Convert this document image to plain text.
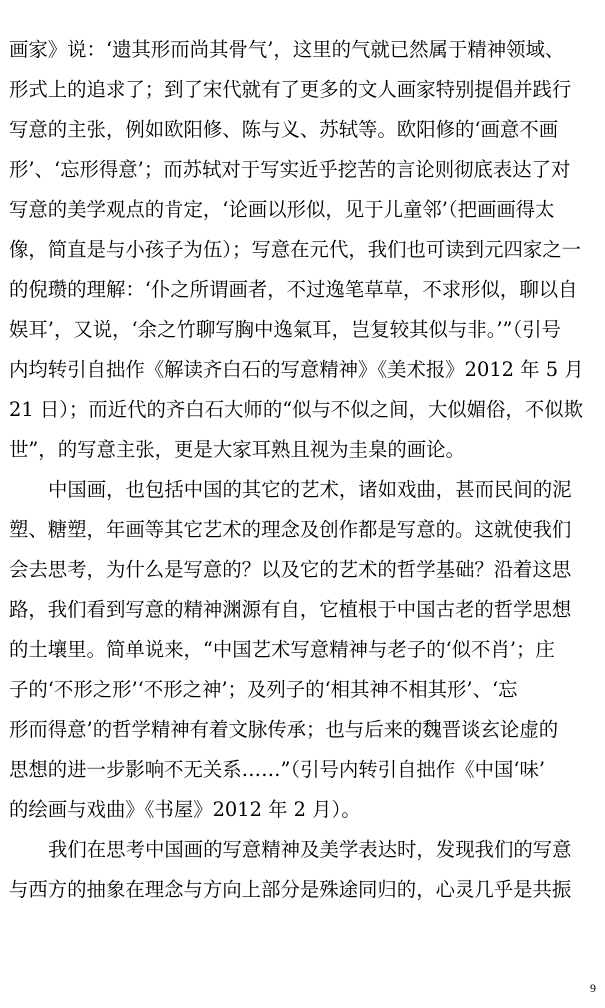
画家》说：‘遗其形而尚其骨气’，这里的气就已然属于精神领域、
形式上的追求了；到了宋代就有了更多的文人画家特别提倡并践行
写意的主张，例如欧阳修、陈与义、苏轼等。欧阳修的‘画意不画
形’、‘忘形得意’；而苏轼对于写实近乎挖苦的言论则彻底表达了对
写意的美学观点的肯定，‘论画以形似，见于儿童邻’（把画画得太
像，简直是与小孩子为伍）；写意在元代，我们也可读到元四家之一
的倪瓒的理解：‘仆之所谓画者，不过逸笔草草，不求形似，聊以自
娱耳’，又说，‘余之竹聊写胸中逸氣耳，岂复较其似与非。’”（引号
内均转引自拙作《解读齐白石的写意精神》《美术报》2012 年 5 月
21 日）；而近代的齐白石大师的“似与不似之间，大似媚俗，不似欺
世”，的写意主张，更是大家耳熟且视为圭臬的画论。
中国画，也包括中国的其它的艺术，诸如戏曲，甚而民间的泥
塑、糖塑，年画等其它艺术的理念及创作都是写意的。这就使我们
会去思考，为什么是写意的？以及它的艺术的哲学基础？沿着这思
路，我们看到写意的精神渊源有自，它植根于中国古老的哲学思想
的土壤里。简单说来，“中国艺术写意精神与老子的‘似不肖’；庄
子的‘不形之形’‘不形之神’；及列子的‘相其神不相其形’、‘忘
形而得意’的哲学精神有着文脉传承；也与后来的魏晋谈玄论虚的
思想的进一步影响不无关系……”（引号内转引自拙作《中国‘味’
的绘画与戏曲》《书屋》2012 年 2 月）。
我们在思考中国画的写意精神及美学表达时，发现我们的写意
与西方的抽象在理念与方向上部分是殊途同归的，心灵几乎是共振
9
